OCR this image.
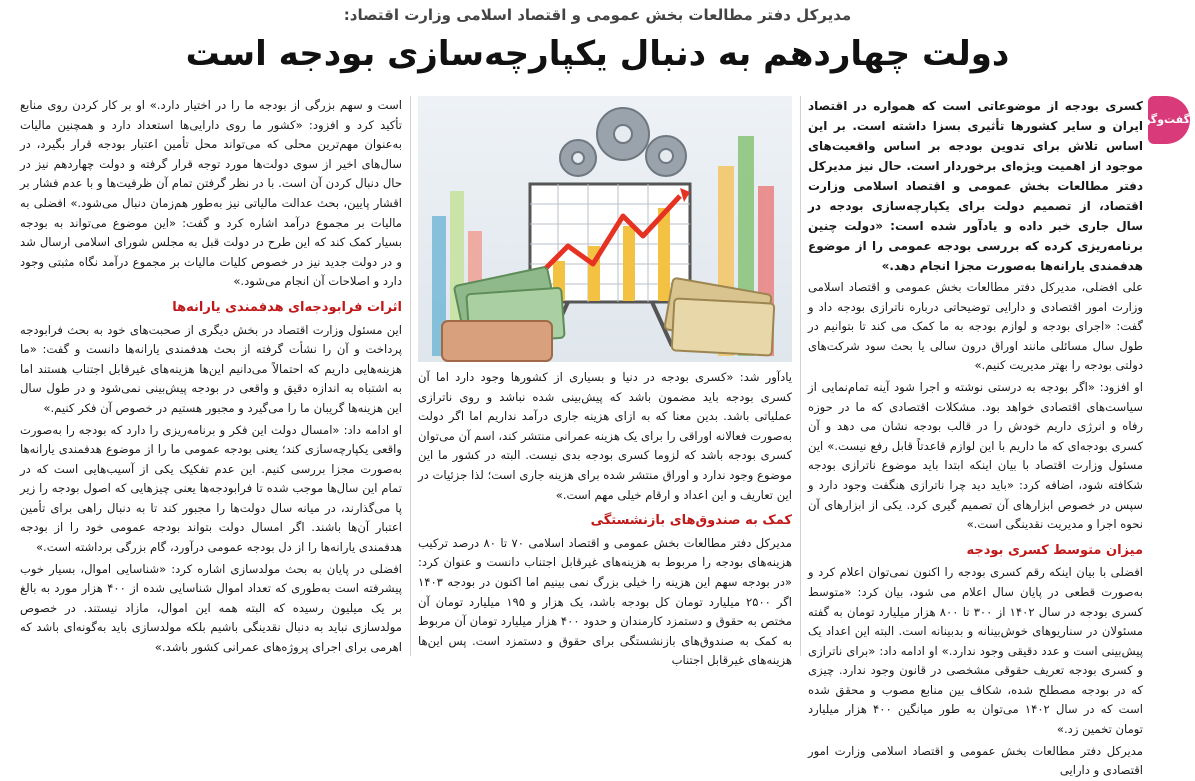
مدیرکل دفتر مطالعات بخش عمومی و اقتصاد اسلامی وزارت اقتصاد:
دولت چهاردهم به دنبال یکپارچه‌سازی بودجه است
گفت‌وگو

کسری بودجه از موضوعاتی است که همواره در اقتصاد ایران و سایر کشورها تأثیری بسزا داشته است. بر این اساس تلاش برای تدوین بودجه بر اساس واقعیت‌های موجود از اهمیت ویژه‌ای برخوردار است. حال نیز مدیرکل دفتر مطالعات بخش عمومی و اقتصاد اسلامی وزارت اقتصاد، از تصمیم دولت برای یکپارچه‌سازی بودجه در سال جاری خبر داده و یادآور شده است: «دولت چنین برنامه‌ریزی کرده که بررسی بودجه عمومی را از موضوع هدفمندی یارانه‌ها به‌صورت مجزا انجام دهد.»

علی افضلی، مدیرکل دفتر مطالعات بخش عمومی و اقتصاد اسلامی وزارت امور اقتصادی و دارایی توضیحاتی درباره ناترازی بودجه داد و گفت: «اجرای بودجه و لوازم بودجه به ما کمک می کند تا بتوانیم در طول سال مسائلی مانند اوراق درون سالی یا بحث سود شرکت‌های دولتی بودجه را بهتر مدیریت کنیم.»

او افزود: «اگر بودجه به درستی نوشته و اجرا شود آینه تمام‌نمایی از سیاست‌های اقتصادی خواهد بود. مشکلات اقتصادی که ما در حوزه رفاه و انرژی داریم خودش را در قالب بودجه نشان می دهد و آن کسری بودجه‌ای که ما داریم با این لوازم قاعدتاً قابل رفع نیست.» این مسئول وزارت اقتصاد با بیان اینکه ابتدا باید موضوع ناترازی بودجه شکافته شود، اضافه کرد: «باید دید چرا ناترازی هنگفت وجود دارد و سپس در خصوص ابزارهای آن تصمیم گیری کرد. یکی از ابزارهای آن نحوه اجرا و مدیریت نقدینگی است.»

میزان متوسط کسری بودجه

افضلی با بیان اینکه رقم کسری بودجه را اکنون نمی‌توان اعلام کرد و به‌صورت قطعی در پایان سال اعلام می شود، بیان کرد: «متوسط کسری بودجه در سال ۱۴۰۲ از ۳۰۰ تا ۸۰۰ هزار میلیارد تومان به گفته مسئولان در سناریوهای خوش‌بینانه و بدبینانه است. البته این اعداد یک پیش‌بینی است و عدد دقیقی وجود ندارد.» او ادامه داد: «برای ناترازی و کسری بودجه تعریف حقوقی مشخصی در قانون وجود ندارد. چیزی که در بودجه مصطلح شده، شکاف بین منابع مصوب و محقق شده است که در سال ۱۴۰۲ می‌توان به طور میانگین ۴۰۰ هزار میلیارد تومان تخمین زد.»

مدیرکل دفتر مطالعات بخش عمومی و اقتصاد اسلامی وزارت امور اقتصادی و دارایی

یادآور شد: «کسری بودجه در دنیا و بسیاری از کشورها وجود دارد اما آن کسری بودجه باید مضمون باشد که پیش‌بینی شده نباشد و روی ناترازی عملیاتی باشد. بدین معنا که به ازای هزینه جاری درآمد نداریم اما اگر دولت به‌صورت فعالانه اوراقی را برای یک هزینه عمرانی منتشر کند، اسم آن می‌توان کسری بودجه باشد که لزوما کسری بودجه بدی نیست. البته در کشور ما این موضوع وجود ندارد و اوراق منتشر شده برای هزینه جاری است؛ لذا جزئیات در این تعاریف و این اعداد و ارقام خیلی مهم است.»

کمک به صندوق‌های بازنشستگی

مدیرکل دفتر مطالعات بخش عمومی و اقتصاد اسلامی ۷۰ تا ۸۰ درصد ترکیب هزینه‌های بودجه را مربوط به هزینه‌های غیرقابل اجتناب دانست و عنوان کرد: «در بودجه سهم این هزینه را خیلی بزرگ نمی بینیم اما اکنون در بودجه ۱۴۰۳ اگر ۲۵۰۰ میلیارد تومان کل بودجه باشد، یک هزار و ۱۹۵ میلیارد تومان آن مختص به حقوق و دستمزد کارمندان و حدود ۴۰۰ هزار میلیارد تومان آن مربوط به کمک به صندوق‌های بازنشستگی برای حقوق و دستمزد است. پس این‌ها هزینه‌های غیرقابل اجتناب

است و سهم بزرگی از بودجه ما را در اختیار دارد.» او بر کار کردن روی منابع تأکید کرد و افزود: «کشور ما روی دارایی‌ها استعداد دارد و همچنین مالیات به‌عنوان مهم‌ترین محلی که می‌تواند محل تأمین اعتبار بودجه قرار بگیرد، در سال‌های اخیر از سوی دولت‌ها مورد توجه قرار گرفته و دولت چهاردهم نیز در حال دنبال کردن آن است. با در نظر گرفتن تمام آن ظرفیت‌ها و با عدم فشار بر اقشار پایین، بحث عدالت مالیاتی نیز به‌طور هم‌زمان دنبال می‌شود.» افضلی به مالیات بر مجموع درآمد اشاره کرد و گفت: «این موضوع می‌تواند به بودجه بسیار کمک کند که این طرح در دولت قبل به مجلس شورای اسلامی ارسال شد و در دولت جدید نیز در خصوص کلیات مالیات بر مجموع درآمد نگاه مثبتی وجود دارد و اصلاحات آن انجام می‌شود.»

اثرات فرابودجه‌ای هدفمندی یارانه‌ها

این مسئول وزارت اقتصاد در بخش دیگری از صحبت‌های خود به بحث فرابودجه پرداخت و آن را نشأت گرفته از بحث هدفمندی یارانه‌ها دانست و گفت: «ما هزینه‌هایی داریم که احتمالاً می‌دانیم این‌ها هزینه‌های غیرقابل اجتناب هستند اما به اشتباه به اندازه دقیق و واقعی در بودجه پیش‌بینی نمی‌شود و در طول سال این هزینه‌ها گریبان ما را می‌گیرد و مجبور هستیم در خصوص آن فکر کنیم.»

او ادامه داد: «امسال دولت این فکر و برنامه‌ریزی را دارد که بودجه را به‌صورت واقعی یکپارچه‌سازی کند؛ یعنی بودجه عمومی ما را از موضوع هدفمندی یارانه‌ها به‌صورت مجزا بررسی کنیم. این عدم تفکیک یکی از آسیب‌هایی است که در تمام این سال‌ها موجب شده تا فرابودجه‌ها یعنی چیزهایی که اصول بودجه را زیر پا می‌گذارند، در میانه سال دولت‌ها را مجبور کند تا به دنبال راهی برای تأمین اعتبار آن‌ها باشند. اگر امسال دولت بتواند بودجه عمومی خود را از بودجه هدفمندی یارانه‌ها را از دل بودجه عمومی درآورد، گام بزرگی برداشته است.»

افضلی در پایان به بحث مولدسازی اشاره کرد: «شناسایی اموال، بسیار خوب پیشرفته است به‌طوری که تعداد اموال شناسایی شده از ۴۰۰ هزار مورد به بالغ بر یک میلیون رسیده که البته همه این اموال، مازاد نیستند. در خصوص مولدسازی نباید به دنبال نقدینگی باشیم بلکه مولدسازی باید به‌گونه‌ای باشد که اهرمی برای اجرای پروژه‌های عمرانی کشور باشد.»
